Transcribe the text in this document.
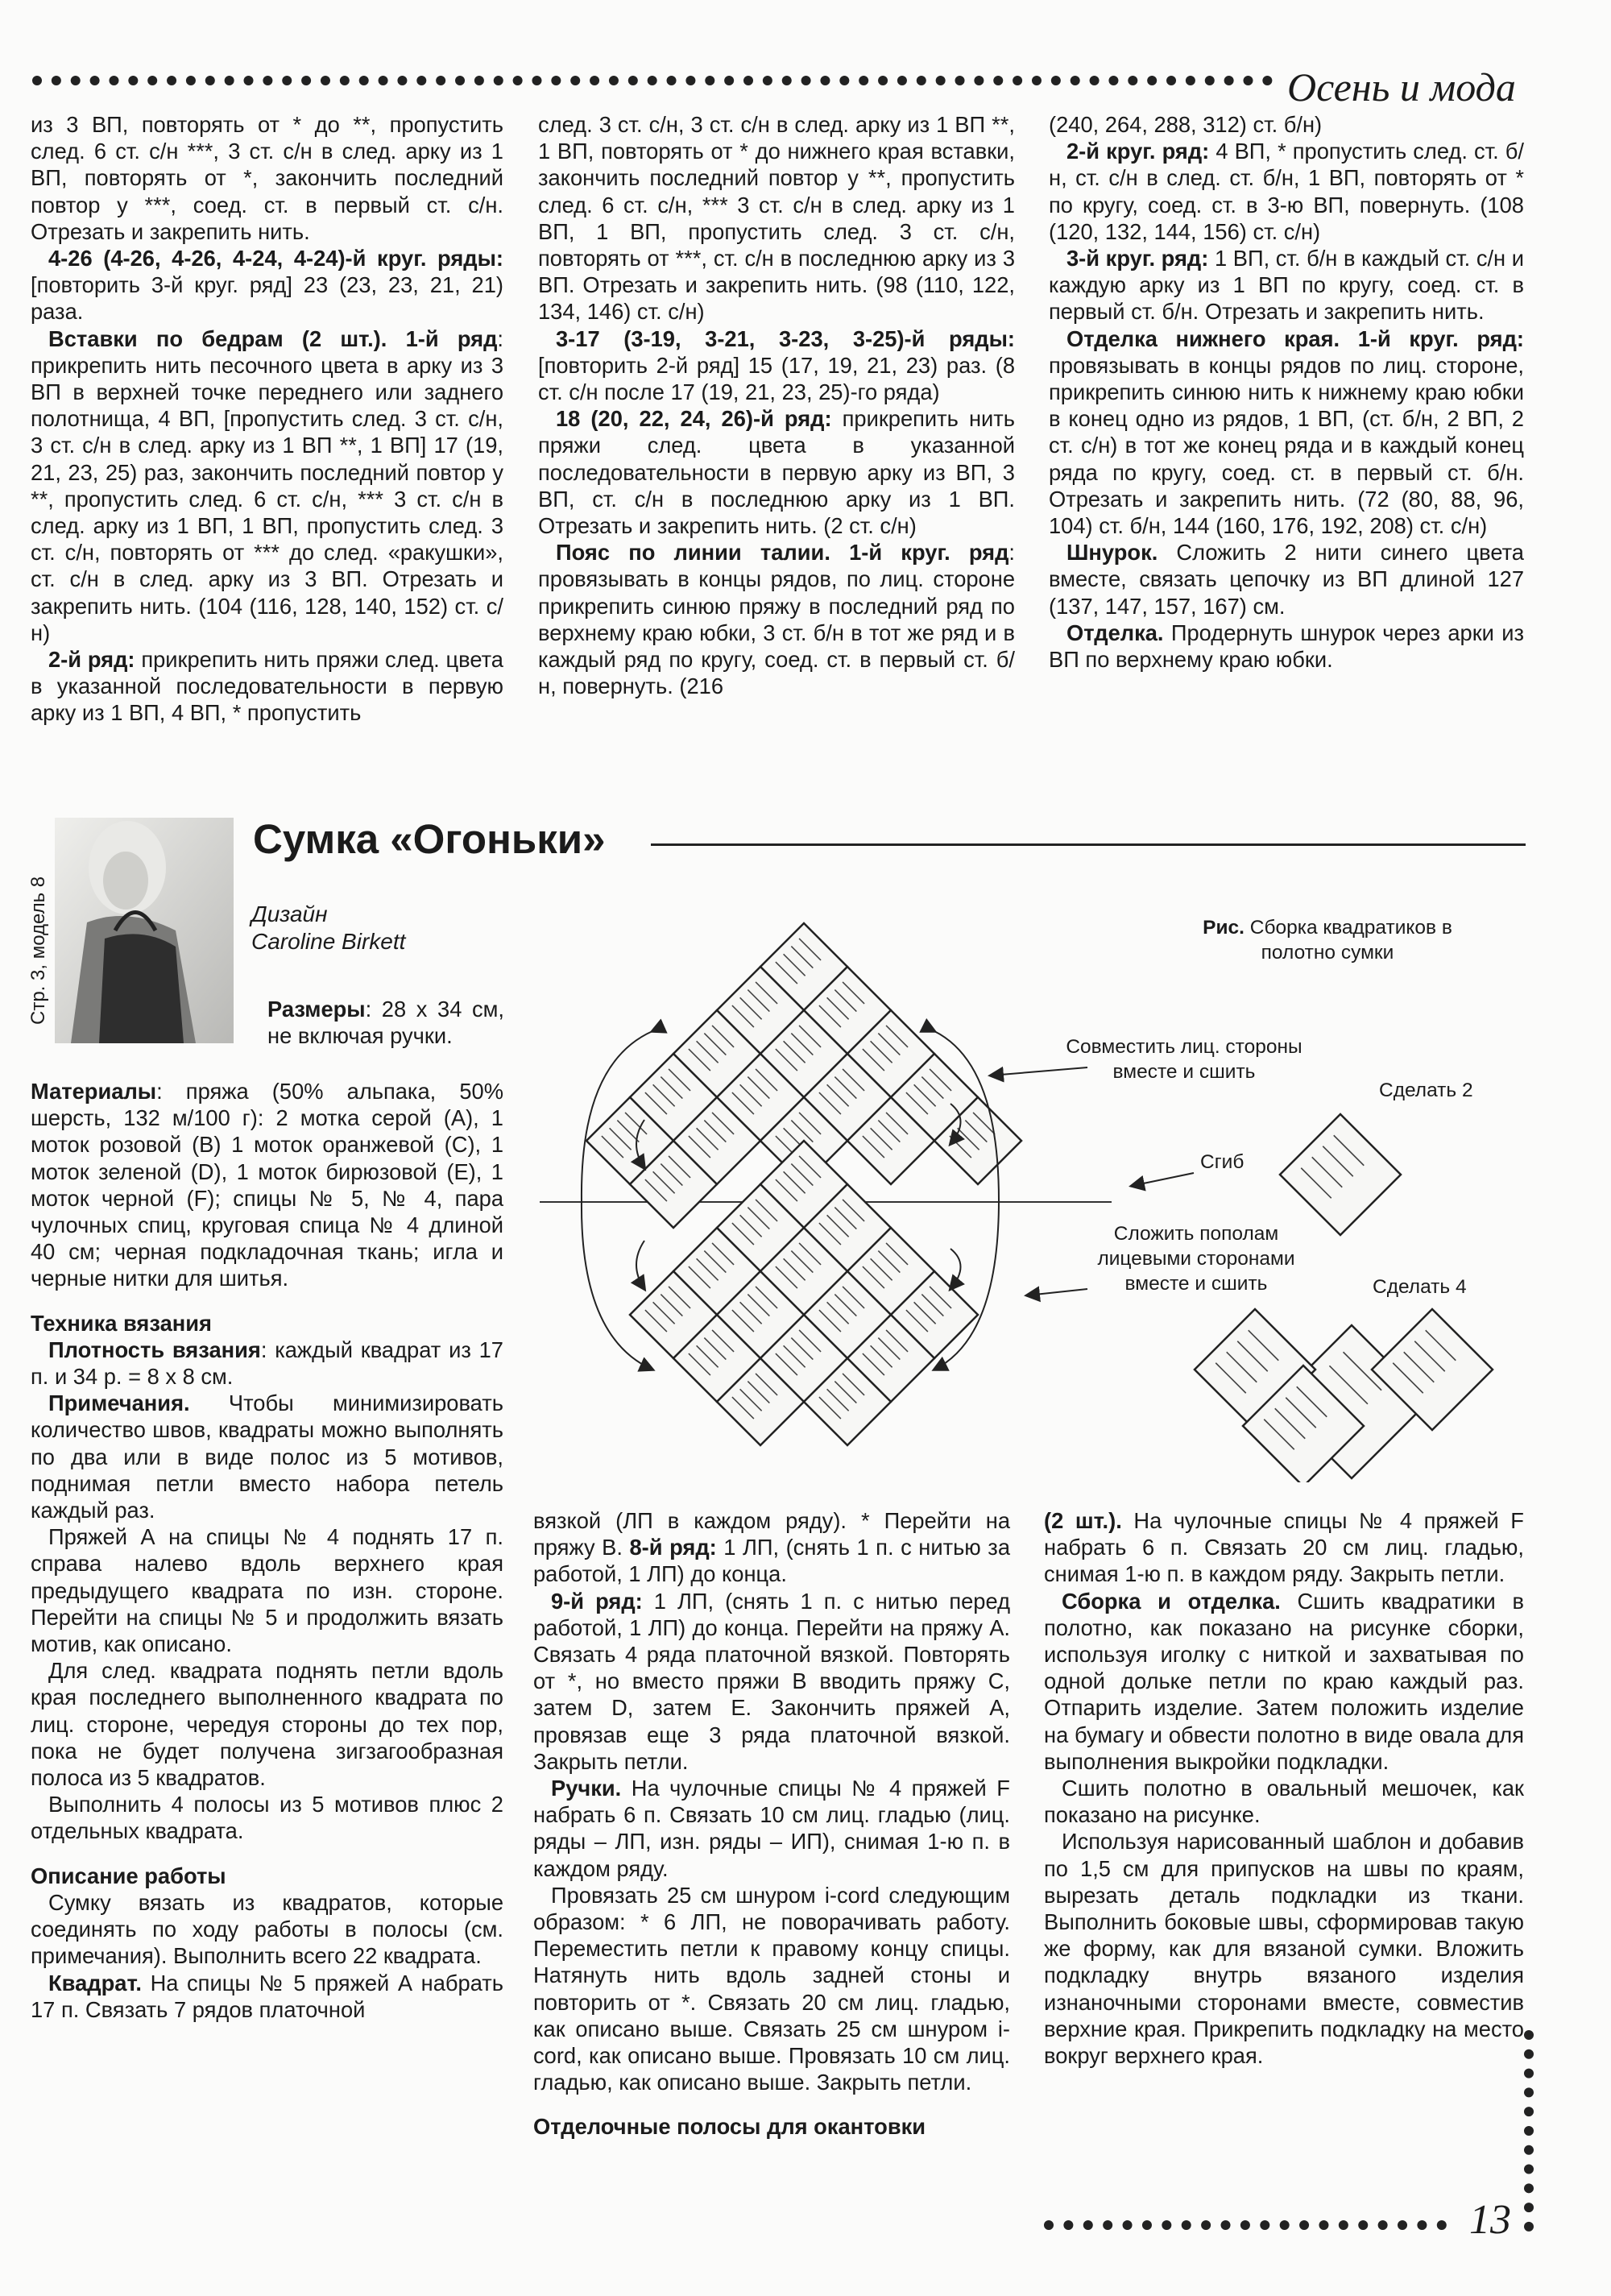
Осень и мода

из 3 ВП, повторять от * до **, пропустить след. 6 ст. с/н ***, 3 ст. с/н в след. арку из 1 ВП, повторять от *, закончить последний повтор у ***, соед. ст. в первый ст. с/н. Отрезать и закрепить нить.

4-26 (4-26, 4-26, 4-24, 4-24)-й круг. ряды: [повторить 3-й круг. ряд] 23 (23, 23, 21, 21) раза.

Вставки по бедрам (2 шт.). 1-й ряд: прикрепить нить песочного цвета в арку из 3 ВП в верхней точке переднего или заднего полотнища, 4 ВП, [пропустить след. 3 ст. с/н, 3 ст. с/н в след. арку из 1 ВП **, 1 ВП] 17 (19, 21, 23, 25) раз, закончить последний повтор у **, пропустить след. 6 ст. с/н, *** 3 ст. с/н в след. арку из 1 ВП, 1 ВП, пропустить след. 3 ст. с/н, повторять от *** до след. «ракушки», ст. с/н в след. арку из 3 ВП. Отрезать и закрепить нить. (104 (116, 128, 140, 152) ст. с/н)

2-й ряд: прикрепить нить пряжи след. цвета в указанной последовательности в первую арку из 1 ВП, 4 ВП, * пропустить

след. 3 ст. с/н, 3 ст. с/н в след. арку из 1 ВП **, 1 ВП, повторять от * до нижнего края вставки, закончить последний повтор у **, пропустить след. 6 ст. с/н, *** 3 ст. с/н в след. арку из 1 ВП, 1 ВП, пропустить след. 3 ст. с/н, повторять от ***, ст. с/н в последнюю арку из 3 ВП. Отрезать и закрепить нить. (98 (110, 122, 134, 146) ст. с/н)

3-17 (3-19, 3-21, 3-23, 3-25)-й ряды: [повторить 2-й ряд] 15 (17, 19, 21, 23) раз. (8 ст. с/н после 17 (19, 21, 23, 25)-го ряда)

18 (20, 22, 24, 26)-й ряд: прикрепить нить пряжи след. цвета в указанной последовательности в первую арку из ВП, 3 ВП, ст. с/н в последнюю арку из 1 ВП. Отрезать и закрепить нить. (2 ст. с/н)

Пояс по линии талии. 1-й круг. ряд: провязывать в концы рядов, по лиц. стороне прикрепить синюю пряжу в последний ряд по верхнему краю юбки, 3 ст. б/н в тот же ряд и в каждый ряд по кругу, соед. ст. в первый ст. б/н, повернуть. (216

(240, 264, 288, 312) ст. б/н)

2-й круг. ряд: 4 ВП, * пропустить след. ст. б/н, ст. с/н в след. ст. б/н, 1 ВП, повторять от * по кругу, соед. ст. в 3-ю ВП, повернуть. (108 (120, 132, 144, 156) ст. с/н)

3-й круг. ряд: 1 ВП, ст. б/н в каждый ст. с/н и каждую арку из 1 ВП по кругу, соед. ст. в первый ст. б/н. Отрезать и закрепить нить.

Отделка нижнего края. 1-й круг. ряд: провязывать в концы рядов по лиц. стороне, прикрепить синюю нить к нижнему краю юбки в конец одно из рядов, 1 ВП, (ст. б/н, 2 ВП, 2 ст. с/н) в тот же конец ряда и в каждый конец ряда по кругу, соед. ст. в первый ст. б/н. Отрезать и закрепить нить. (72 (80, 88, 96, 104) ст. б/н, 144 (160, 176, 192, 208) ст. с/н)

Шнурок. Сложить 2 нити синего цвета вместе, связать цепочку из ВП длиной 127 (137, 147, 157, 167) см.

Отделка. Продернуть шнурок через арки из ВП по верхнему краю юбки.

Стр. 3, модель 8
Сумка «Огоньки»
Дизайн
Caroline Birkett
Размеры: 28 х 34 см, не включая ручки.

Материалы: пряжа (50% альпака, 50% шерсть, 132 м/100 г): 2 мотка серой (А), 1 моток розовой (В) 1 моток оранжевой (С), 1 моток зеленой (D), 1 моток бирюзовой (Е), 1 моток черной (F); спицы № 5, № 4, пара чулочных спиц, круговая спица № 4 длиной 40 см; черная подкладочная ткань; игла и черные нитки для шитья.

Техника вязания

Плотность вязания: каждый квадрат из 17 п. и 34 р. = 8 х 8 см.

Примечания. Чтобы минимизировать количество швов, квадраты можно выполнять по два или в виде полос из 5 мотивов, поднимая петли вместо набора петель каждый раз.

Пряжей А на спицы № 4 поднять 17 п. справа налево вдоль верхнего края предыдущего квадрата по изн. стороне. Перейти на спицы № 5 и продолжить вязать мотив, как описано.

Для след. квадрата поднять петли вдоль края последнего выполненного квадрата по лиц. стороне, чередуя стороны до тех пор, пока не будет получена зигзагообразная полоса из 5 квадратов.

Выполнить 4 полосы из 5 мотивов плюс 2 отдельных квадрата.

Описание работы

Сумку вязать из квадратов, которые соединять по ходу работы в полосы (см. примечания). Выполнить всего 22 квадрата.

Квадрат. На спицы № 5 пряжей А набрать 17 п. Связать 7 рядов платочной

вязкой (ЛП в каждом ряду). * Перейти на пряжу В. 8-й ряд: 1 ЛП, (снять 1 п. с нитью за работой, 1 ЛП) до конца.

9-й ряд: 1 ЛП, (снять 1 п. с нитью перед работой, 1 ЛП) до конца. Перейти на пряжу А. Связать 4 ряда платочной вязкой. Повторять от *, но вместо пряжи В вводить пряжу С, затем D, затем Е. Закончить пряжей А, провязав еще 3 ряда платочной вязкой. Закрыть петли.

Ручки. На чулочные спицы № 4 пряжей F набрать 6 п. Связать 10 см лиц. гладью (лиц. ряды – ЛП, изн. ряды – ИП), снимая 1-ю п. в каждом ряду.

Провязать 25 см шнуром i-cord следующим образом: * 6 ЛП, не поворачивать работу. Переместить петли к правому концу спицы. Натянуть нить вдоль задней стоны и повторить от *. Связать 20 см лиц. гладью, как описано выше. Связать 25 см шнуром i-cord, как описано выше. Провязать 10 см лиц. гладью, как описано выше. Закрыть петли.

Отделочные полосы для окантовки

(2 шт.). На чулочные спицы № 4 пряжей F набрать 6 п. Связать 20 см лиц. гладью, снимая 1-ю п. в каждом ряду. Закрыть петли.

Сборка и отделка. Сшить квадратики в полотно, как показано на рисунке сборки, используя иголку с ниткой и захватывая по одной дольке петли по краю каждый раз. Отпарить изделие. Затем положить изделие на бумагу и обвести полотно в виде овала для выполнения выкройки подкладки.

Сшить полотно в овальный мешочек, как показано на рисунке.

Используя нарисованный шаблон и добавив по 1,5 см для припусков на швы по краям, вырезать деталь подкладки из ткани. Выполнить боковые швы, сформировав такую же форму, как для вязаной сумки. Вложить подкладку внутрь вязаного изделия изнаночными сторонами вместе, совместив верхние края. Прикрепить подкладку на место вокруг верхнего края.

Рис. Сборка квадратиков в полотно сумки
Совместить лиц. стороны вместе и сшить
Сгиб
Сложить пополам лицевыми сторонами вместе и сшить
Сделать 2
Сделать 4
13
